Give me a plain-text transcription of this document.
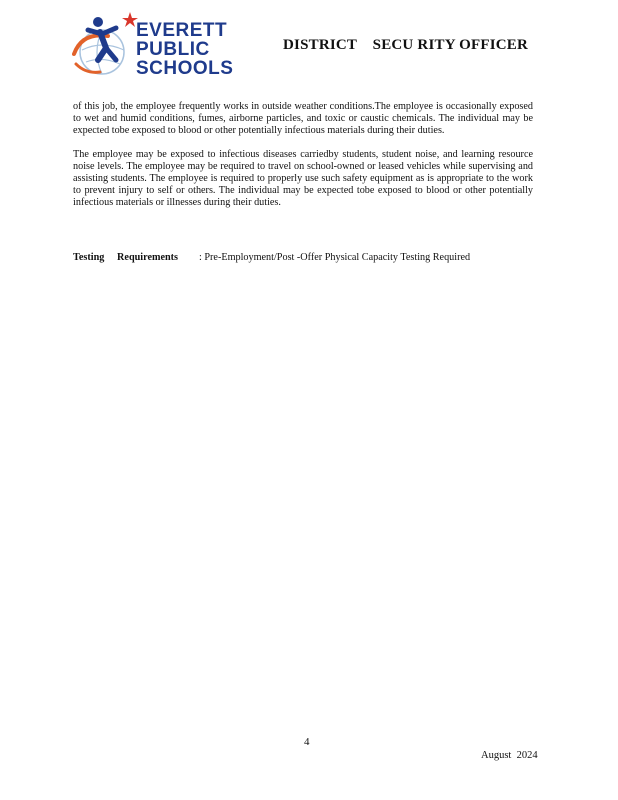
EVERETT
PUBLIC
SCHOOLS
DISTRICT    SECU RITY OFFICER

of this job, the employee frequently works in outside weather conditions.The employee is occasionally exposed to wet and humid conditions, fumes, airborne particles, and toxic or caustic chemicals. The individual may be expected tobe exposed to blood or other potentially infectious materials during their duties.

The employee may be exposed to infectious diseases carriedby students, student noise, and learning resource noise levels. The employee may be required to travel on school-owned or leased vehicles while supervising and assisting students. The employee is required to properly use such safety equipment as is appropriate to the work to prevent injury to self or others. The individual may be expected tobe exposed to blood or other potentially infectious materials or illnesses during their duties.

Testing     Requirements : Pre-Employment/Post -Offer Physical Capacity Testing Required
4
August  2024
